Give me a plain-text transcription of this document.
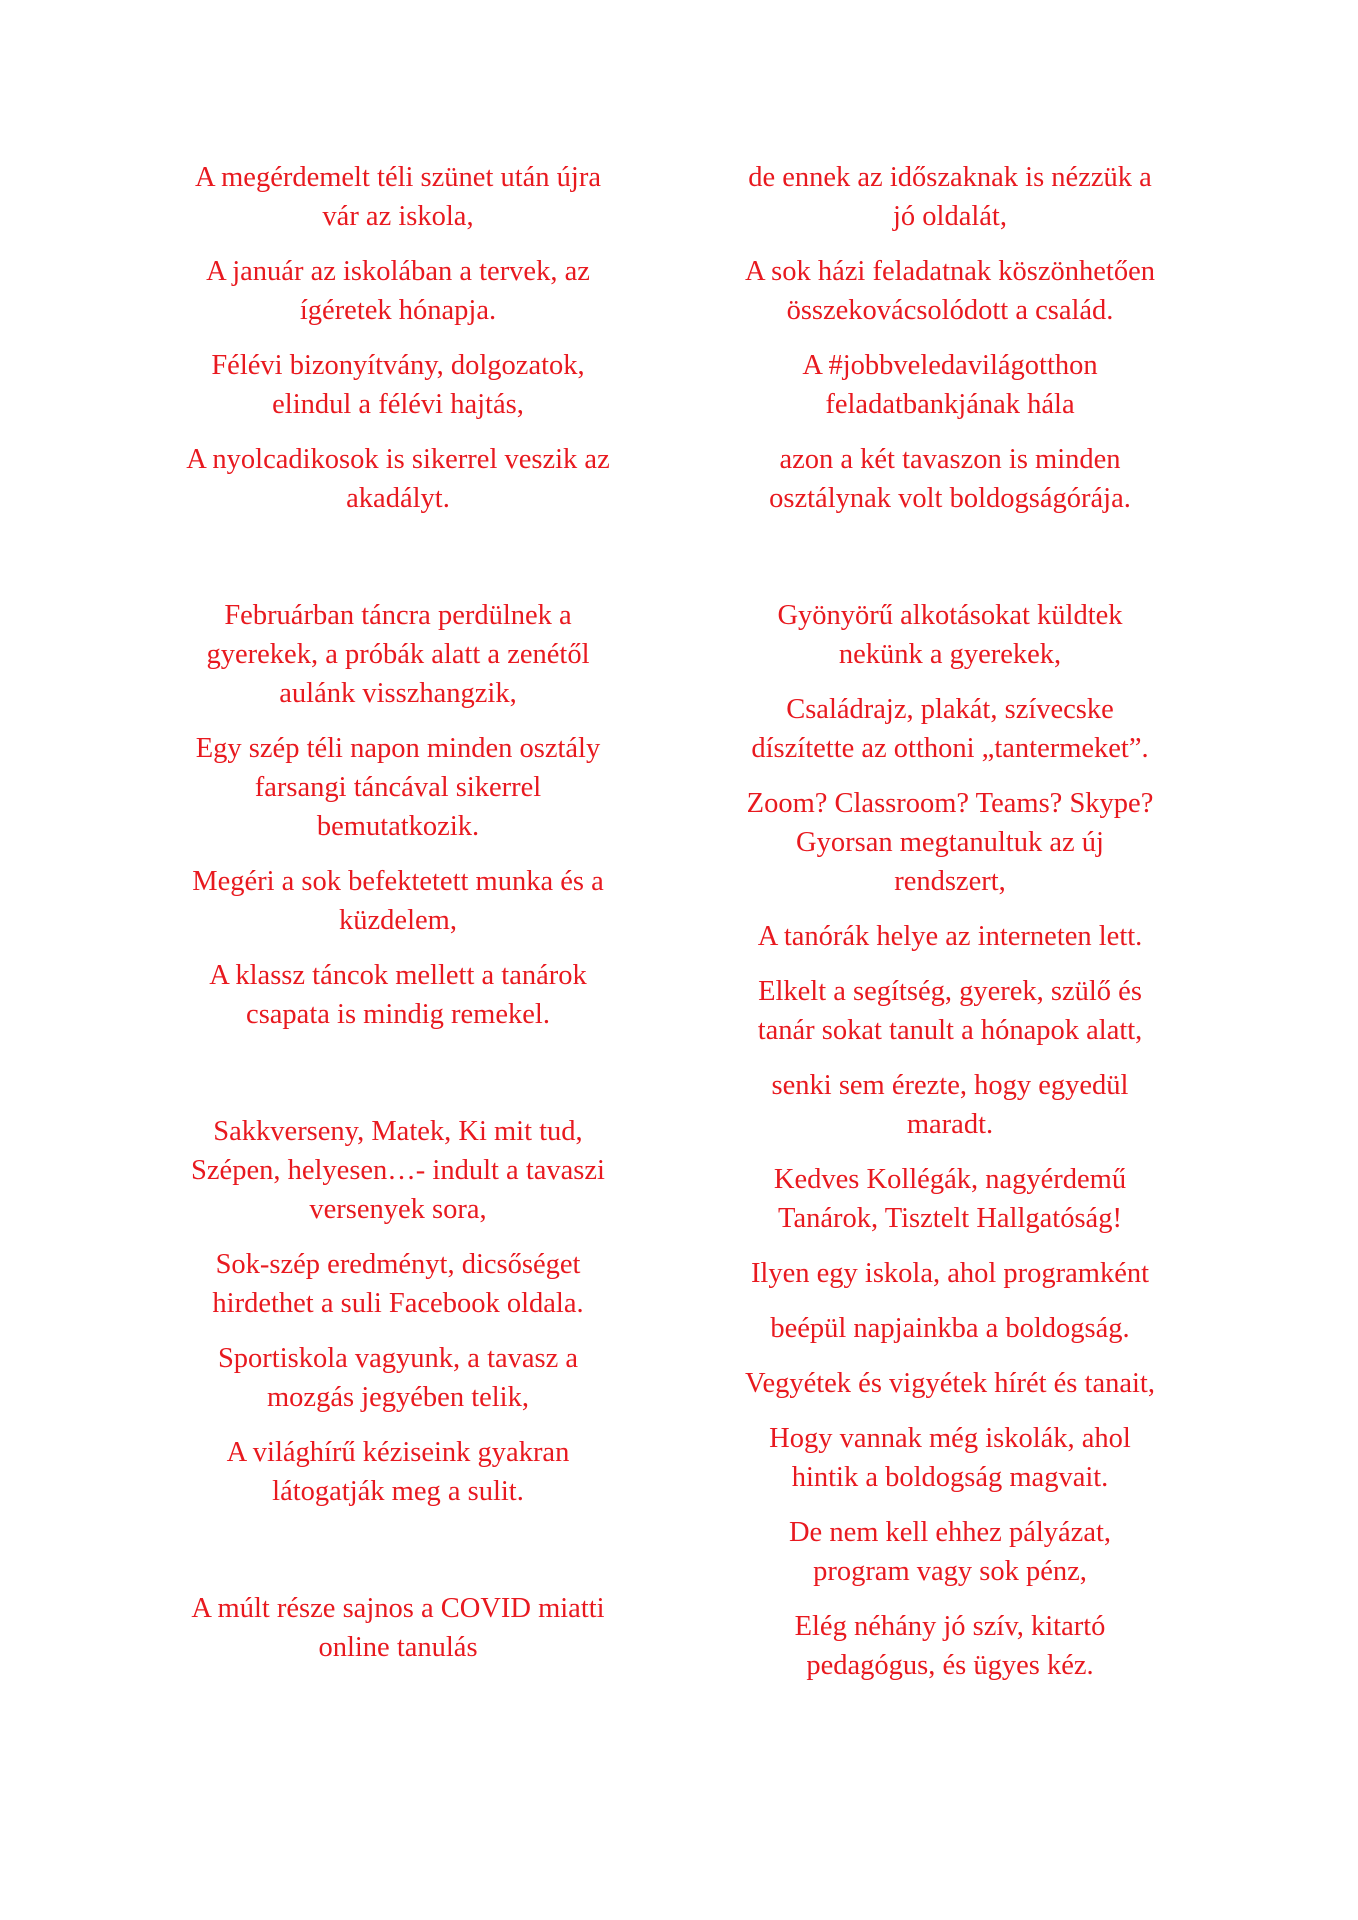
A megérdemelt téli szünet után újra
vár az iskola,

A január az iskolában a tervek, az
ígéretek hónapja.

Félévi bizonyítvány, dolgozatok,
elindul a félévi hajtás,

A nyolcadikosok is sikerrel veszik az
akadályt.

Februárban táncra perdülnek a
gyerekek, a próbák alatt a zenétől
aulánk visszhangzik,

Egy szép téli napon minden osztály
farsangi táncával sikerrel
bemutatkozik.

Megéri a sok befektetett munka és a
küzdelem,

A klassz táncok mellett a tanárok
csapata is mindig remekel.

Sakkverseny, Matek, Ki mit tud,
Szépen, helyesen…- indult a tavaszi
versenyek sora,

Sok-szép eredményt, dicsőséget
hirdethet a suli Facebook oldala.

Sportiskola vagyunk, a tavasz a
mozgás jegyében telik,

A világhírű kéziseink gyakran
látogatják meg a sulit.

A múlt része sajnos a COVID miatti
online tanulás

de ennek az időszaknak is nézzük a
jó oldalát,

A sok házi feladatnak köszönhetően
összekovácsolódott a család.

A #jobbveledavilágotthon
feladatbankjának hála

azon a két tavaszon is minden
osztálynak volt boldogságórája.

Gyönyörű alkotásokat küldtek
nekünk a gyerekek,

Családrajz, plakát, szívecske
díszítette az otthoni „tantermeket”.

Zoom? Classroom? Teams? Skype?
Gyorsan megtanultuk az új
rendszert,

A tanórák helye az interneten lett.

Elkelt a segítség, gyerek, szülő és
tanár sokat tanult a hónapok alatt,

senki sem érezte, hogy egyedül
maradt.

Kedves Kollégák, nagyérdemű
Tanárok, Tisztelt Hallgatóság!

Ilyen egy iskola, ahol programként

beépül napjainkba a boldogság.

Vegyétek és vigyétek hírét és tanait,

Hogy vannak még iskolák, ahol
hintik a boldogság magvait.

De nem kell ehhez pályázat,
program vagy sok pénz,

Elég néhány jó szív, kitartó
pedagógus, és ügyes kéz.
